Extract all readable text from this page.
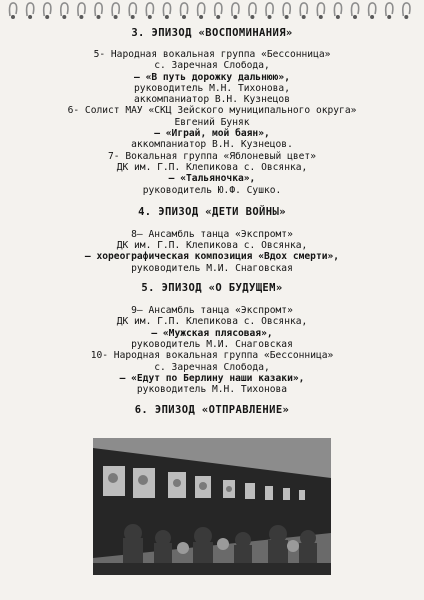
3. ЭПИЗОД «ВОСПОМИНАНИЯ»

5- Народная вокальная группа «Бессонница»
с. Заречная Слобода,
– «В путь дорожку дальнюю»,
руководитель М.Н. Тихонова,
аккомпаниатор В.Н. Кузнецов
6- Солист МАУ «СКЦ Зейского муниципального округа»
Евгений Буняк
– «Играй, мой баян»,
аккомпаниатор В.Н. Кузнецов.
7- Вокальная группа «Яблоневый цвет»
ДК им. Г.П. Клепикова с. Овсянка,
– «Тальяночка»,
руководитель Ю.Ф. Сушко.

4. ЭПИЗОД «ДЕТИ ВОЙНЫ»

8– Ансамбль танца «Экспромт»
ДК им. Г.П. Клепикова с. Овсянка,
– хореографическая композиция «Вдох смерти»,
руководитель М.И. Снаговская

5. ЭПИЗОД «О БУДУЩЕМ»

9– Ансамбль танца «Экспромт»
ДК им. Г.П. Клепикова с. Овсянка,
– «Мужская плясовая»,
руководитель М.И. Снаговская
10- Народная вокальная группа «Бессонница»
с. Заречная Слобода,
– «Едут по Берлину наши казаки»,
руководитель М.Н. Тихонова

6. ЭПИЗОД «ОТПРАВЛЕНИЕ»
